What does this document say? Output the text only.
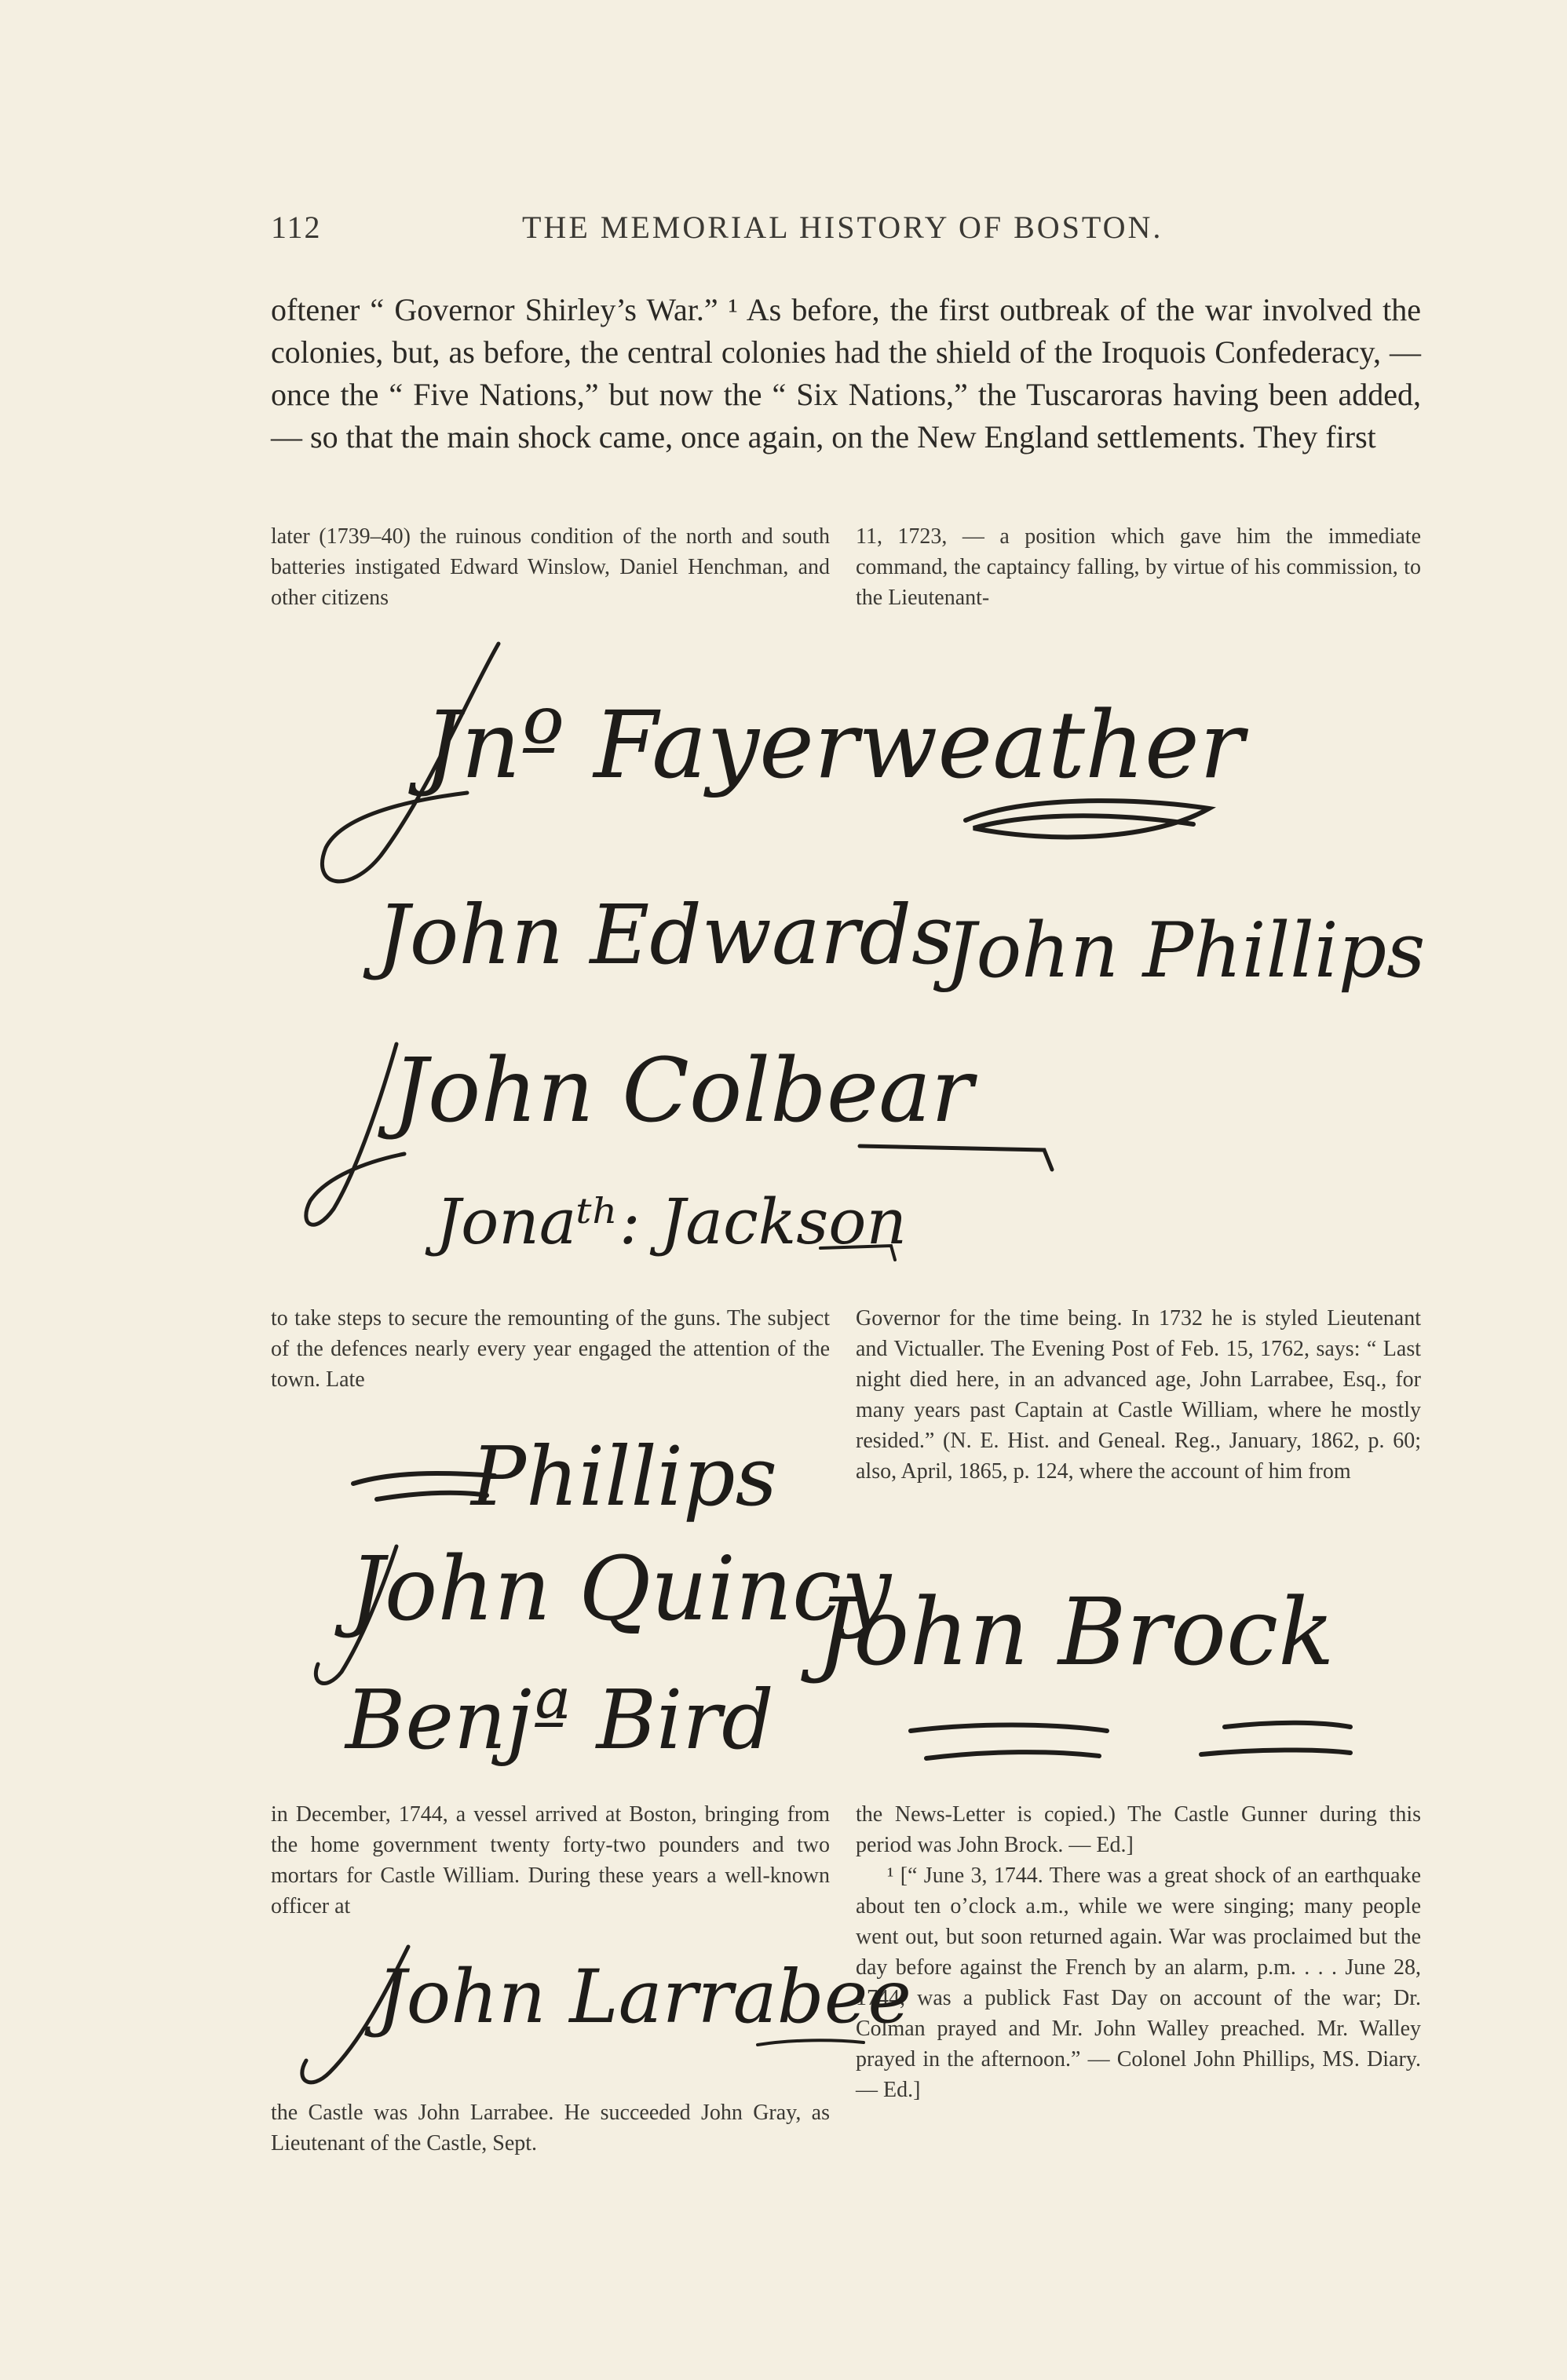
112	THE MEMORIAL HISTORY OF BOSTON.

oftener “ Governor Shirley’s War.” ¹ As before, the first outbreak of the war involved the colonies, but, as before, the central colonies had the shield of the Iroquois Confederacy, — once the “ Five Nations,” but now the “ Six Nations,” the Tuscaroras having been added, — so that the main shock came, once again, on the New England settlements. They first

later (1739–40) the ruinous condition of the north and south batteries instigated Edward Winslow, Daniel Henchman, and other citizens

11, 1723, — a position which gave him the immediate command, the captaincy falling, by virtue of his commission, to the Lieutenant-

Jnº Fayerweather
John Edwards
John Phillips
John Colbear
Jonaᵗʰ: Jackson

to take steps to secure the remounting of the guns. The subject of the defences nearly every year engaged the attention of the town. Late

Governor for the time being. In 1732 he is styled Lieutenant and Victualler. The Evening Post of Feb. 15, 1762, says: “ Last night died here, in an advanced age, John Larrabee, Esq., for many years past Captain at Castle William, where he mostly resided.” (N. E. Hist. and Geneal. Reg., January, 1862, p. 60; also, April, 1865, p. 124, where the account of him from

Phillips
John Quincy
John Brock
Benjª Bird

in December, 1744, a vessel arrived at Boston, bringing from the home government twenty forty-two pounders and two mortars for Castle William. During these years a well-known officer at

the News-Letter is copied.) The Castle Gunner during this period was John Brock. — Ed.]

¹ [“ June 3, 1744. There was a great shock of an earthquake about ten o’clock a.m., while we were singing; many people went out, but soon returned again. War was proclaimed but the day before against the French by an alarm, p.m. . . . June 28, 1744, was a publick Fast Day on account of the war; Dr. Colman prayed and Mr. John Walley preached. Mr. Walley prayed in the afternoon.” — Colonel John Phillips, MS. Diary. — Ed.]

John Larrabee

the Castle was John Larrabee. He succeeded John Gray, as Lieutenant of the Castle, Sept.
